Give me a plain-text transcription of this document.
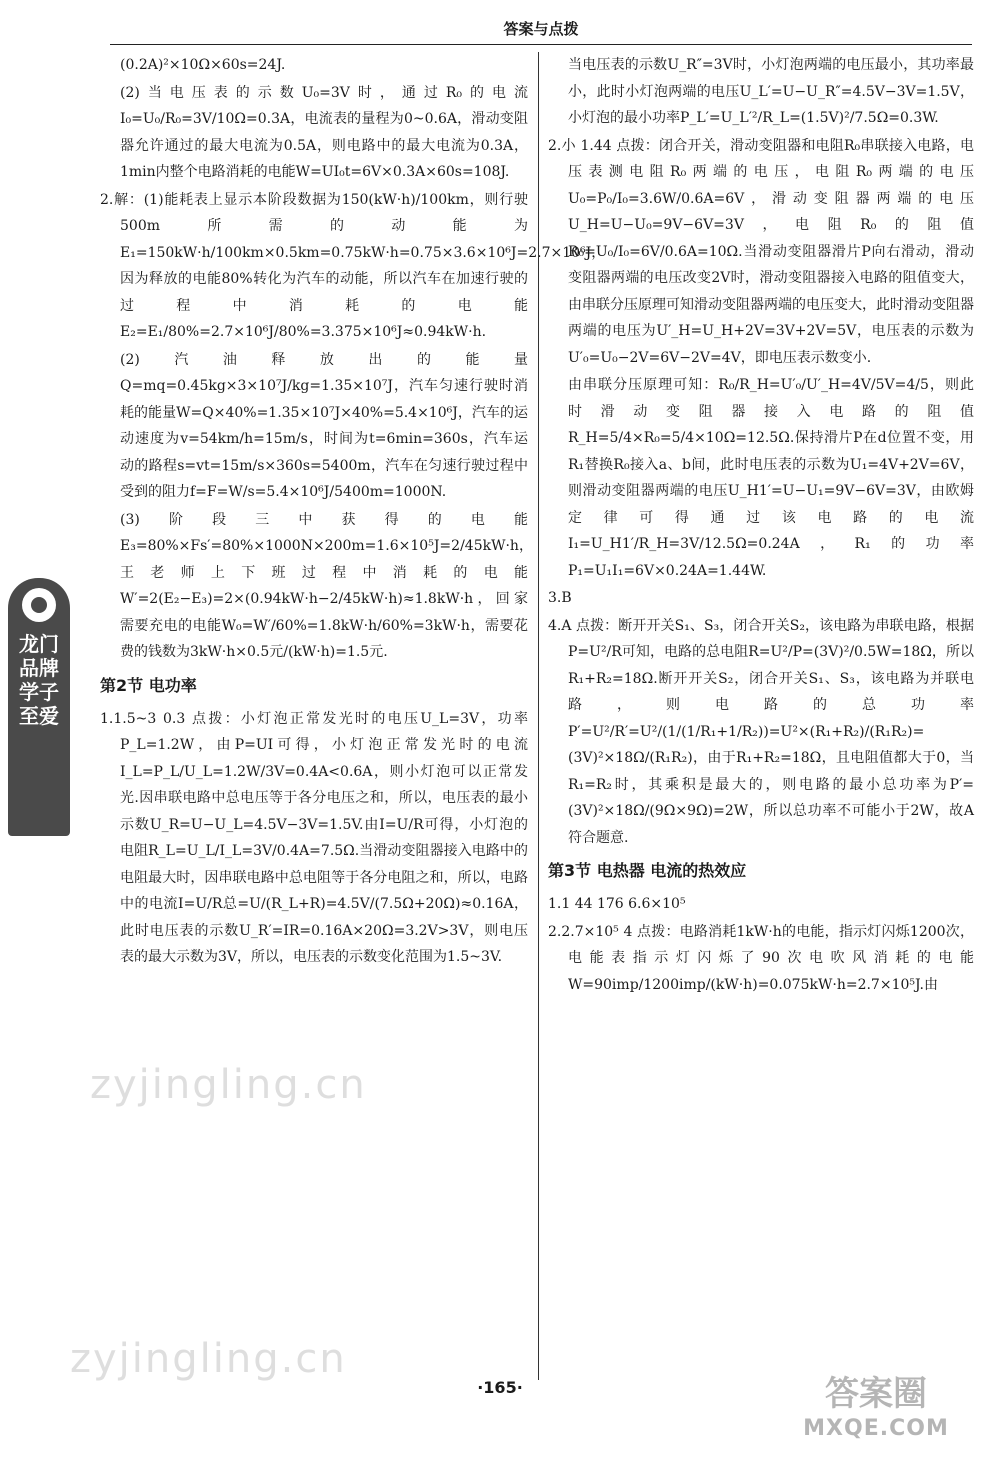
答案与点拨
龙门品牌 学子至爱

(0.2A)²×10Ω×60s=24J.

(2)当电压表的示数U₀=3V时，通过R₀的电流I₀=U₀/R₀=3V/10Ω=0.3A，电流表的量程为0~0.6A，滑动变阻器允许通过的最大电流为0.5A，则电路中的最大电流为0.3A，1min内整个电路消耗的电能W=UI₀t=6V×0.3A×60s=108J.

2.解：(1)能耗表上显示本阶段数据为150(kW·h)/100km，则行驶500m所需的动能为E₁=150kW·h/100km×0.5km=0.75kW·h=0.75×3.6×10⁶J=2.7×10⁶J，因为释放的电能80%转化为汽车的动能，所以汽车在加速行驶的过程中消耗的电能E₂=E₁/80%=2.7×10⁶J/80%=3.375×10⁶J≈0.94kW·h.

(2)汽油释放出的能量Q=mq=0.45kg×3×10⁷J/kg=1.35×10⁷J，汽车匀速行驶时消耗的能量W=Q×40%=1.35×10⁷J×40%=5.4×10⁶J，汽车的运动速度为v=54km/h=15m/s，时间为t=6min=360s，汽车运动的路程s=vt=15m/s×360s=5400m，汽车在匀速行驶过程中受到的阻力f=F=W/s=5.4×10⁶J/5400m=1000N.

(3)阶段三中获得的电能E₃=80%×Fs′=80%×1000N×200m=1.6×10⁵J=2/45kW·h，王老师上下班过程中消耗的电能W′=2(E₂−E₃)=2×(0.94kW·h−2/45kW·h)≈1.8kW·h，回家需要充电的电能W₀=W′/60%=1.8kW·h/60%=3kW·h，需要花费的钱数为3kW·h×0.5元/(kW·h)=1.5元.

第2节 电功率

1.1.5~3 0.3 点拨：小灯泡正常发光时的电压U_L=3V，功率P_L=1.2W，由P=UI可得，小灯泡正常发光时的电流I_L=P_L/U_L=1.2W/3V=0.4A<0.6A，则小灯泡可以正常发光.因串联电路中总电压等于各分电压之和，所以，电压表的最小示数U_R=U−U_L=4.5V−3V=1.5V.由I=U/R可得，小灯泡的电阻R_L=U_L/I_L=3V/0.4A=7.5Ω.当滑动变阻器接入电路中的电阻最大时，因串联电路中总电阻等于各分电阻之和，所以，电路中的电流I=U/R总=U/(R_L+R)=4.5V/(7.5Ω+20Ω)≈0.16A，此时电压表的示数U_R′=IR=0.16A×20Ω=3.2V>3V，则电压表的最大示数为3V，所以，电压表的示数变化范围为1.5~3V.

当电压表的示数U_R″=3V时，小灯泡两端的电压最小，其功率最小，此时小灯泡两端的电压U_L′=U−U_R″=4.5V−3V=1.5V，小灯泡的最小功率P_L′=U_L′²/R_L=(1.5V)²/7.5Ω=0.3W.

2.小 1.44 点拨：闭合开关，滑动变阻器和电阻R₀串联接入电路，电压表测电阻R₀两端的电压，电阻R₀两端的电压U₀=P₀/I₀=3.6W/0.6A=6V，滑动变阻器两端的电压U_H=U−U₀=9V−6V=3V，电阻R₀的阻值R₀=U₀/I₀=6V/0.6A=10Ω.当滑动变阻器滑片P向右滑动，滑动变阻器两端的电压改变2V时，滑动变阻器接入电路的阻值变大，由串联分压原理可知滑动变阻器两端的电压变大，此时滑动变阻器两端的电压为U′_H=U_H+2V=3V+2V=5V，电压表的示数为U′₀=U₀−2V=6V−2V=4V，即电压表示数变小.

由串联分压原理可知：R₀/R_H=U′₀/U′_H=4V/5V=4/5，则此时滑动变阻器接入电路的阻值R_H=5/4×R₀=5/4×10Ω=12.5Ω.保持滑片P在d位置不变，用R₁替换R₀接入a、b间，此时电压表的示数为U₁=4V+2V=6V，则滑动变阻器两端的电压U_H1′=U−U₁=9V−6V=3V，由欧姆定律可得通过该电路的电流I₁=U_H1′/R_H=3V/12.5Ω=0.24A，R₁的功率P₁=U₁I₁=6V×0.24A=1.44W.

3.B

4.A 点拨：断开开关S₁、S₃，闭合开关S₂，该电路为串联电路，根据P=U²/R可知，电路的总电阻R=U²/P=(3V)²/0.5W=18Ω，所以R₁+R₂=18Ω.断开开关S₂，闭合开关S₁、S₃，该电路为并联电路，则电路的总功率P′=U²/R′=U²/(1/(1/R₁+1/R₂))=U²×(R₁+R₂)/(R₁R₂)=(3V)²×18Ω/(R₁R₂)，由于R₁+R₂=18Ω，且电阻值都大于0，当R₁=R₂时，其乘积是最大的，则电路的最小总功率为P′=(3V)²×18Ω/(9Ω×9Ω)=2W，所以总功率不可能小于2W，故A符合题意.

第3节 电热器 电流的热效应

1.1 44 176 6.6×10⁵

2.2.7×10⁵ 4 点拨：电路消耗1kW·h的电能，指示灯闪烁1200次，电能表指示灯闪烁了90次电吹风消耗的电能W=90imp/1200imp/(kW·h)=0.075kW·h=2.7×10⁵J.由

zyjingling.cn
zyjingling.cn
·165·	答案圈
MXQE.COM
